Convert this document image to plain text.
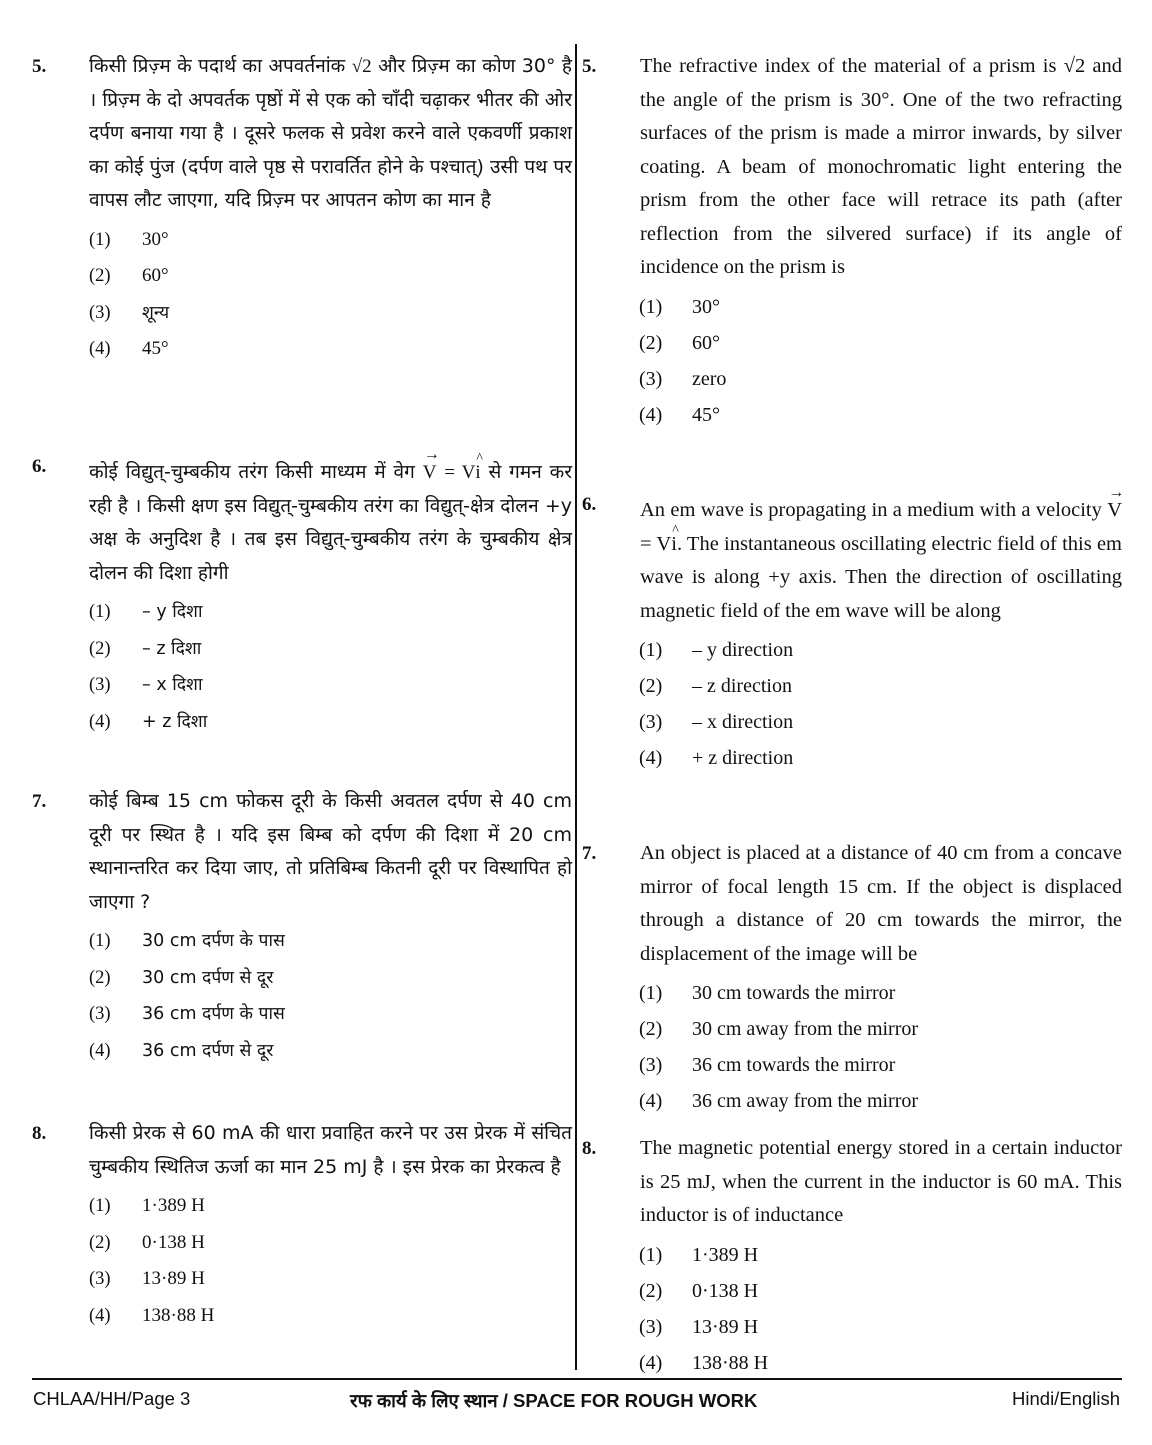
5. किसी प्रिज़्म के पदार्थ का अपवर्तनांक √2 और प्रिज़्म का कोण 30° है । प्रिज़्म के दो अपवर्तक पृष्ठों में से एक को चाँदी चढ़ाकर भीतर की ओर दर्पण बनाया गया है । दूसरे फलक से प्रवेश करने वाले एकवर्णी प्रकाश का कोई पुंज (दर्पण वाले पृष्ठ से परावर्तित होने के पश्चात्) उसी पथ पर वापस लौट जाएगा, यदि प्रिज़्म पर आपतन कोण का मान है
(1)	30°
(2)	60°
(3)	शून्य
(4)	45°
6. कोई विद्युत्-चुम्बकीय तरंग किसी माध्यम में वेग
→
V = V
^
i से गमन कर रही है । किसी क्षण इस विद्युत्-चुम्बकीय तरंग का विद्युत्-क्षेत्र दोलन +y अक्ष के अनुदिश है । तब इस विद्युत्-चुम्बकीय तरंग के चुम्बकीय क्षेत्र दोलन की दिशा होगी
(1)	– y दिशा
(2)	– z दिशा
(3)	– x दिशा
(4)	+ z दिशा
7. कोई बिम्ब 15 cm फोकस दूरी के किसी अवतल दर्पण से 40 cm दूरी पर स्थित है । यदि इस बिम्ब को दर्पण की दिशा में 20 cm स्थानान्तरित कर दिया जाए, तो प्रतिबिम्ब कितनी दूरी पर विस्थापित हो जाएगा ?
(1)	30 cm दर्पण के पास
(2)	30 cm दर्पण से दूर
(3)	36 cm दर्पण के पास
(4)	36 cm दर्पण से दूर
8. किसी प्रेरक से 60 mA की धारा प्रवाहित करने पर उस प्रेरक में संचित चुम्बकीय स्थितिज ऊर्जा का मान 25 mJ है । इस प्रेरक का प्रेरकत्व है
(1)	1·389 H
(2)	0·138 H
(3)	13·89 H
(4)	138·88 H
5. The refractive index of the material of a prism is √2 and the angle of the prism is 30°. One of the two refracting surfaces of the prism is made a mirror inwards, by silver coating. A beam of monochromatic light entering the prism from the other face will retrace its path (after reflection from the silvered surface) if its angle of incidence on the prism is
(1)	30°
(2)	60°
(3)	zero
(4)	45°
6. An em wave is propagating in a medium with a velocity
→
V = V
^
i. The instantaneous oscillating electric field of this em wave is along +y axis. Then the direction of oscillating magnetic field of the em wave will be along
(1)	– y direction
(2)	– z direction
(3)	– x direction
(4)	+ z direction
7. An object is placed at a distance of 40 cm from a concave mirror of focal length 15 cm. If the object is displaced through a distance of 20 cm towards the mirror, the displacement of the image will be
(1)	30 cm towards the mirror
(2)	30 cm away from the mirror
(3)	36 cm towards the mirror
(4)	36 cm away from the mirror
8. The magnetic potential energy stored in a certain inductor is 25 mJ, when the current in the inductor is 60 mA. This inductor is of inductance
(1)	1·389 H
(2)	0·138 H
(3)	13·89 H
(4)	138·88 H
CHLAA/HH/Page 3	रफ कार्य के लिए स्थान / SPACE FOR ROUGH WORK	Hindi/English
